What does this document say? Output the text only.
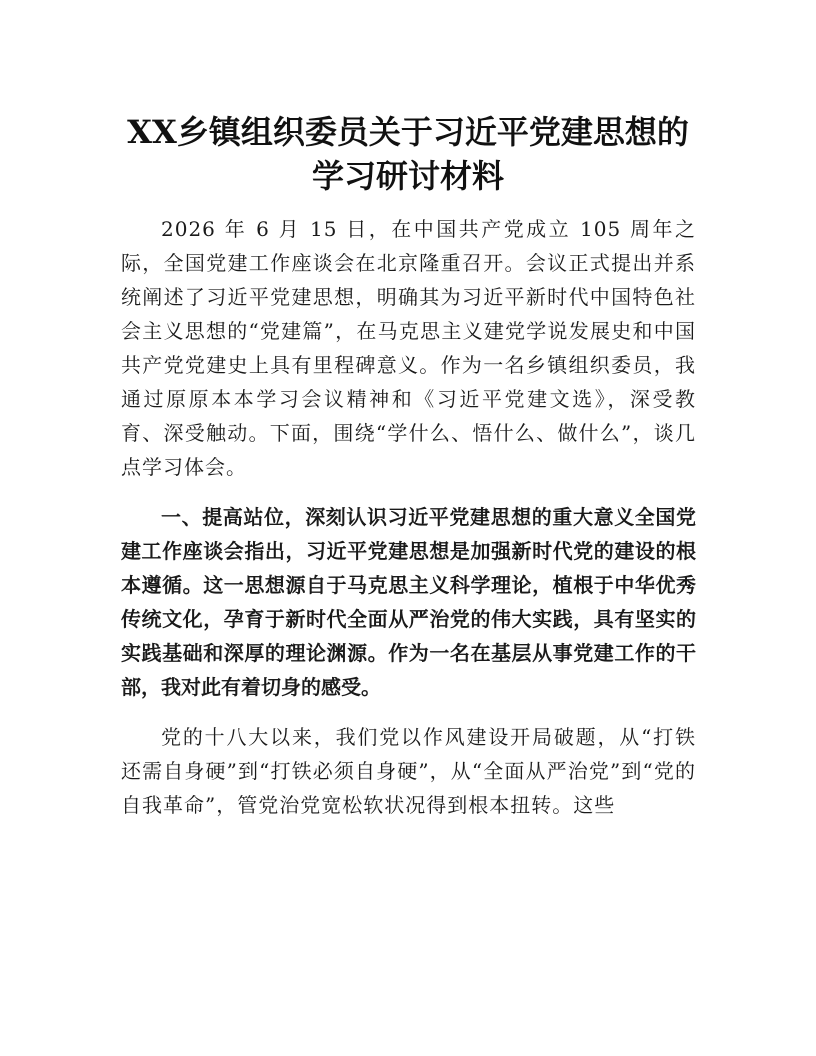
XX乡镇组织委员关于习近平党建思想的学习研讨材料

2026 年 6 月 15 日，在中国共产党成立 105 周年之际，全国党建工作座谈会在北京隆重召开。会议正式提出并系统阐述了习近平党建思想，明确其为习近平新时代中国特色社会主义思想的“党建篇”，在马克思主义建党学说发展史和中国共产党党建史上具有里程碑意义。作为一名乡镇组织委员，我通过原原本本学习会议精神和《习近平党建文选》，深受教育、深受触动。下面，围绕“学什么、悟什么、做什么”，谈几点学习体会。

一、提高站位，深刻认识习近平党建思想的重大意义全国党建工作座谈会指出，习近平党建思想是加强新时代党的建设的根本遵循。这一思想源自于马克思主义科学理论，植根于中华优秀传统文化，孕育于新时代全面从严治党的伟大实践，具有坚实的实践基础和深厚的理论渊源。作为一名在基层从事党建工作的干部，我对此有着切身的感受。

党的十八大以来，我们党以作风建设开局破题，从“打铁还需自身硬”到“打铁必须自身硬”，从“全面从严治党”到“党的自我革命”，管党治党宽松软状况得到根本扭转。这些
